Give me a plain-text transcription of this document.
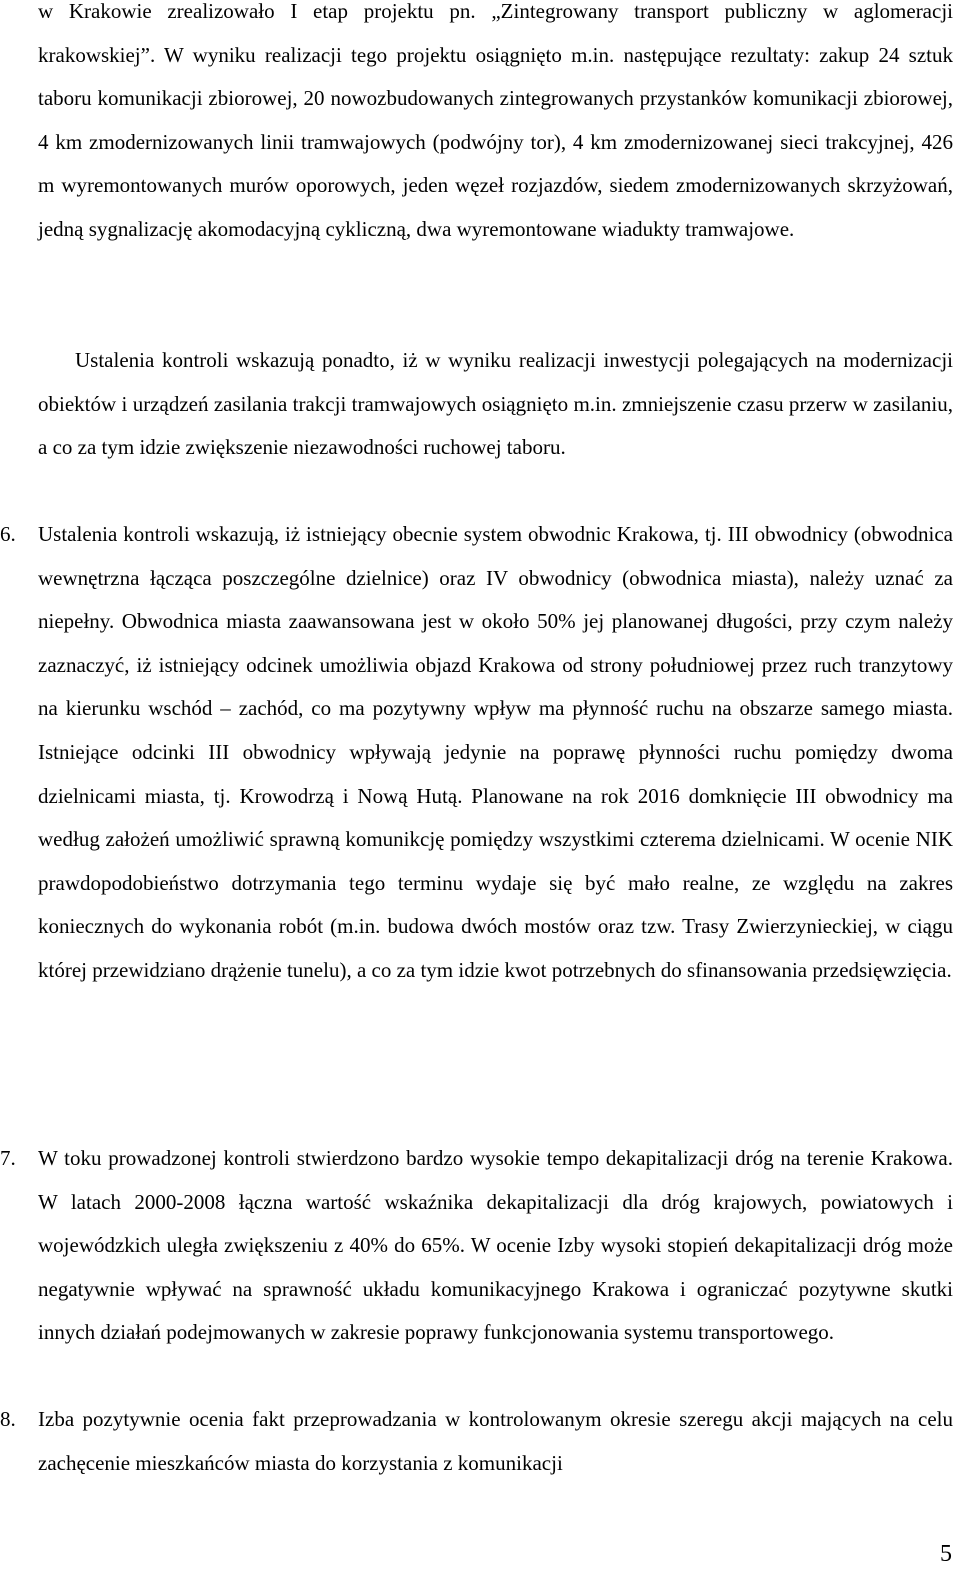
w Krakowie zrealizowało I etap projektu pn. „Zintegrowany transport publiczny w aglomeracji krakowskiej”. W wyniku realizacji tego projektu osiągnięto m.in. następujące rezultaty: zakup 24 sztuk taboru komunikacji zbiorowej, 20 nowozbudowanych zintegrowanych przystanków komunikacji zbiorowej, 4 km zmodernizowanych linii tramwajowych (podwójny tor), 4 km zmodernizowanej sieci trakcyjnej, 426 m wyremontowanych murów oporowych, jeden węzeł rozjazdów, siedem zmodernizowanych skrzyżowań, jedną sygnalizację akomodacyjną cykliczną, dwa wyremontowane wiadukty tramwajowe.

Ustalenia kontroli wskazują ponadto, iż w wyniku realizacji inwestycji polegających na modernizacji obiektów i urządzeń zasilania trakcji tramwajowych osiągnięto m.in. zmniejszenie czasu przerw w zasilaniu, a co za tym idzie zwiększenie niezawodności ruchowej taboru.

6.	Ustalenia kontroli wskazują, iż istniejący obecnie system obwodnic Krakowa, tj. III obwodnicy (obwodnica wewnętrzna łącząca poszczególne dzielnice) oraz IV obwodnicy (obwodnica miasta), należy uznać za niepełny. Obwodnica miasta zaawansowana jest w około 50% jej planowanej długości, przy czym należy zaznaczyć, iż istniejący odcinek umożliwia objazd Krakowa od strony południowej przez ruch tranzytowy na kierunku wschód – zachód, co ma pozytywny wpływ ma płynność ruchu na obszarze samego miasta. Istniejące odcinki III obwodnicy wpływają jedynie na poprawę płynności ruchu pomiędzy dwoma dzielnicami miasta, tj. Krowodrzą i Nową Hutą. Planowane na rok 2016 domknięcie III obwodnicy ma według założeń umożliwić sprawną komunikcję pomiędzy wszystkimi czterema dzielnicami. W ocenie NIK prawdopodobieństwo dotrzymania tego terminu wydaje się być mało realne, ze względu na zakres koniecznych do wykonania robót (m.in. budowa dwóch mostów oraz tzw. Trasy Zwierzynieckiej, w ciągu której przewidziano drążenie tunelu), a co za tym idzie kwot potrzebnych do sfinansowania przedsięwzięcia.

7.	W toku prowadzonej kontroli stwierdzono bardzo wysokie tempo dekapitalizacji dróg na terenie Krakowa. W latach 2000-2008 łączna wartość wskaźnika dekapitalizacji dla dróg krajowych, powiatowych i wojewódzkich uległa zwiększeniu z 40% do 65%. W ocenie Izby wysoki stopień dekapitalizacji dróg może negatywnie wpływać na sprawność układu komunikacyjnego Krakowa i ograniczać pozytywne skutki innych działań podejmowanych w zakresie poprawy funkcjonowania systemu transportowego.

8.	Izba pozytywnie ocenia fakt przeprowadzania w kontrolowanym okresie szeregu akcji mających na celu zachęcenie mieszkańców miasta do korzystania z komunikacji

5
